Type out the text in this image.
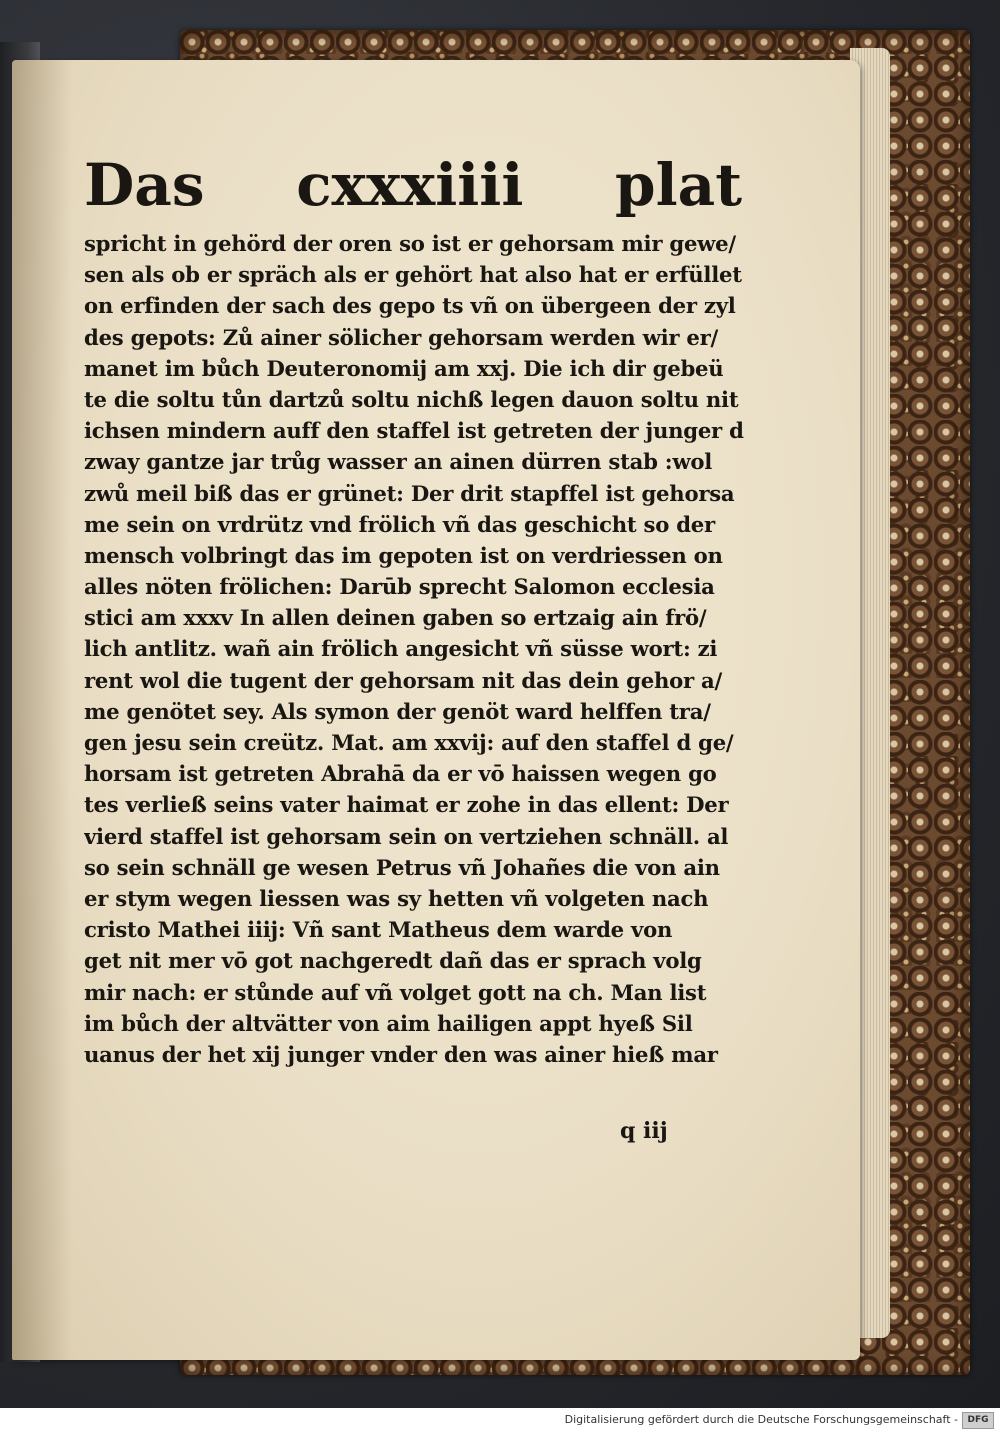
Das cxxxiiii plat
spricht in gehörd der oren so ist er gehorsam mir gewe/
sen als ob er spräch als er gehört hat also hat er erfüllet
on erfinden der sach des gepo ts vñ on übergeen der zyl
des gepots: Zů ainer sölicher gehorsam werden wir er/
manet im bůch Deuteronomij am xxj. Die ich dir gebeü
te die soltu tůn dartzů soltu nichß legen dauon soltu nit
ichsen mindern auff den staffel ist getreten der junger d
zway gantze jar trůg wasser an ainen dürren stab :wol
zwů meil biß das er grünet: Der drit stapffel ist gehorsa
me sein on vrdrütz vnd frölich vñ das geschicht so der
mensch volbringt das im gepoten ist on verdriessen on
alles nöten frölichen: Darūb sprecht Salomon ecclesia
stici am xxxv In allen deinen gaben so ertzaig ain frö/
lich antlitz. wañ ain frölich angesicht vñ süsse wort: zi
rent wol die tugent der gehorsam nit das dein gehor a/
me genötet sey. Als symon der genöt ward helffen tra/
gen jesu sein creütz. Mat. am xxvij: auf den staffel d ge/
horsam ist getreten Abrahā da er vō haissen wegen go
tes verließ seins vater haimat er zohe in das ellent: Der
vierd staffel ist gehorsam sein on vertziehen schnäll. al
so sein schnäll ge wesen Petrus vñ Johañes die von ain
er stym wegen liessen was sy hetten vñ volgeten nach
cristo Mathei iiij: Vñ sant Matheus dem warde von
get nit mer vō got nachgeredt dañ das er sprach volg
mir nach: er stůnde auf vñ volget gott na ch. Man list
im bůch der altvätter von aim hailigen appt hyeß Sil
uanus der het xij junger vnder den was ainer hieß mar
q iij
Digitalisierung gefördert durch die Deutsche Forschungsgemeinschaft -	DFG
